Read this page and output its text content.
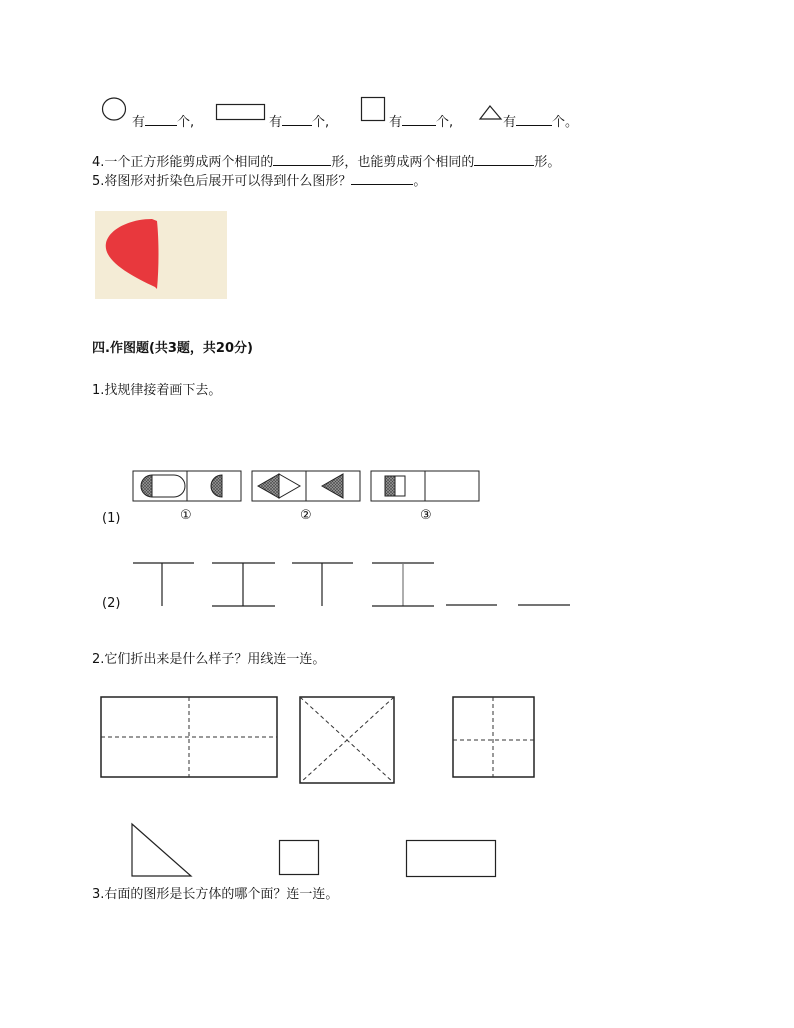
有 个,	有 个,	有	个,	有	个。
4.一个正方形能剪成两个相同的	形，也能剪成两个相同的	形。
5.将图形对折染色后展开可以得到什么图形？	。
四.作图题(共3题，共20分)
1.找规律接着画下去。
(1)	①	②	③
(2)
2.它们折出来是什么样子？用线连一连。
3.右面的图形是长方体的哪个面？连一连。
